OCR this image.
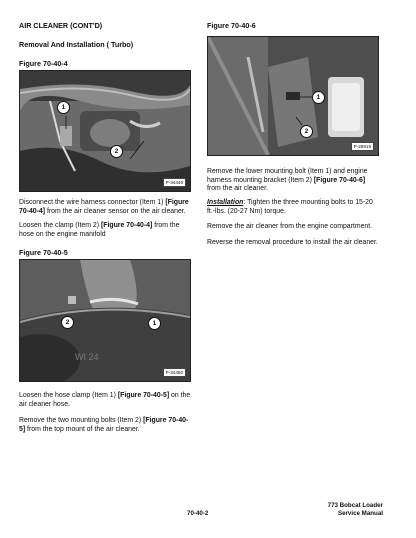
AIR CLEANER (CONT'D)
Removal And Installation ( Turbo)
Figure 70-40-4
1
2
P-34449
Disconnect the wire harness connector (Item 1) [Figure 70-40-4] from the air cleaner sensor on the air cleaner.
Loosen the clamp (Item 2) [Figure 70-40-4] from the hose on the engine manifold
Figure 70-40-5
WI 24
2	1
P-34450
Loosen the hose clamp (Item 1) [Figure 70-40-5] on the air cleaner hose.
Remove the two mounting bolts (Item 2) [Figure 70-40-5] from the top mount of the air cleaner.
Figure 70-40-6
1
2
P-28915
Remove the lower mounting bolt (Item 1) and engine harness mounting bracket (Item 2) [Figure 70-40-6] from the air cleaner.
Installation: Tighten the three mounting bolts to 15-20 ft.-lbs. (20-27 Nm) torque.
Remove the air cleaner from the engine compartment.
Reverse the removal procedure to install the air cleaner.
70-40-2
773 Bobcat Loader
Service Manual
